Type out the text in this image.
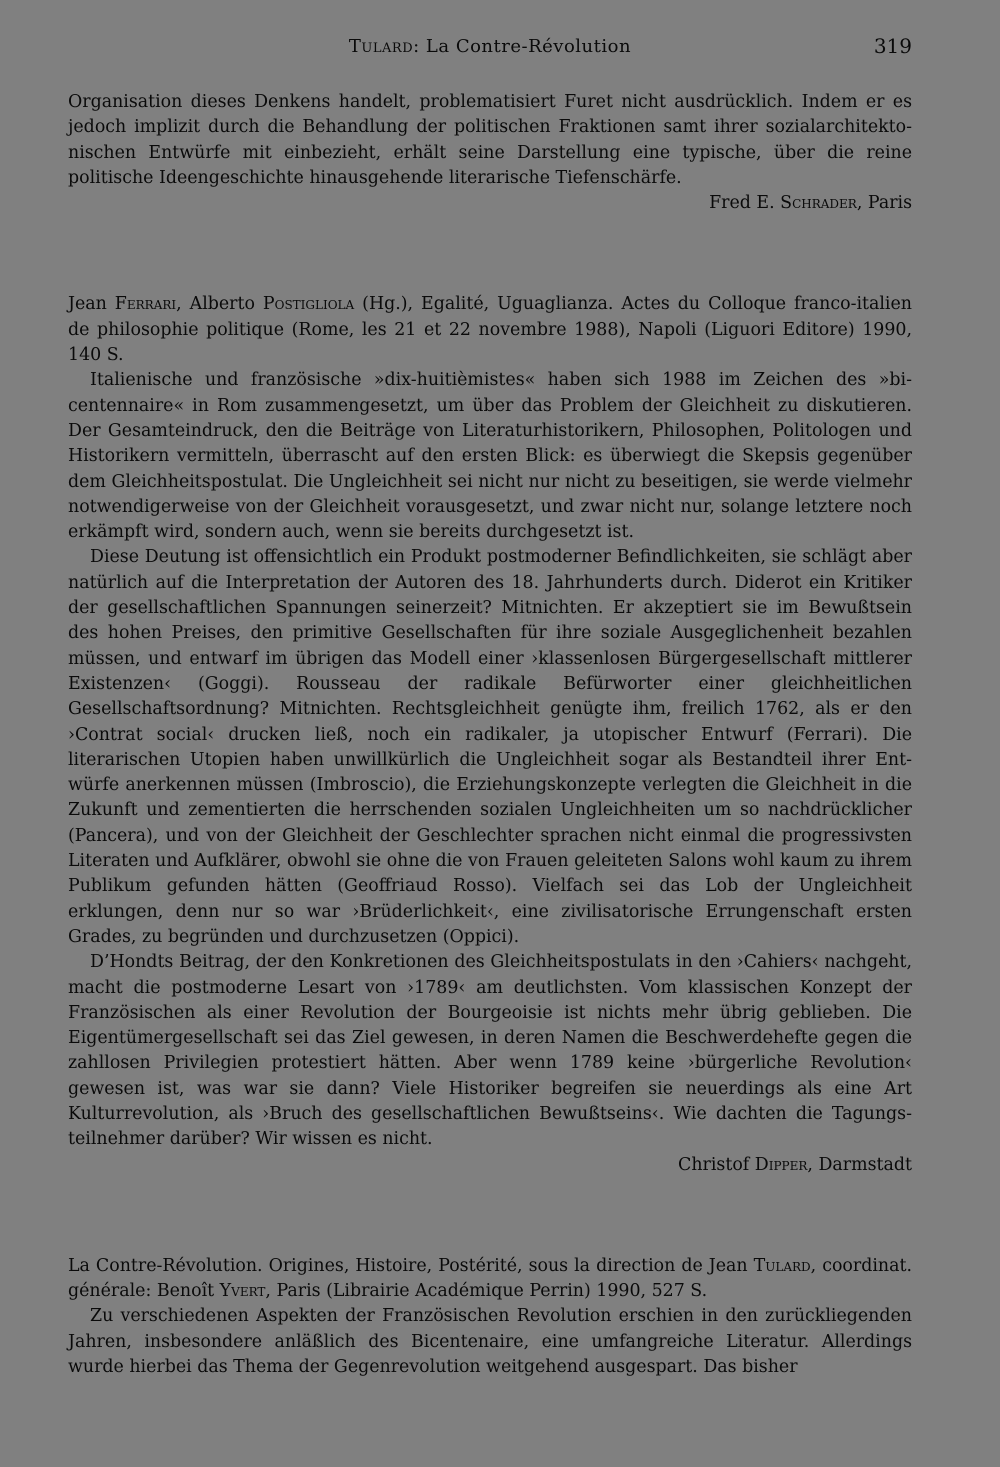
Tulard: La Contre-Révolution	319

Organisation dieses Denkens handelt, problematisiert Furet nicht ausdrücklich. Indem er es jedoch implizit durch die Behandlung der politischen Fraktionen samt ihrer sozialarchitektonischen Entwürfe mit einbezieht, erhält seine Darstellung eine typische, über die reine politische Ideengeschichte hinausgehende literarische Tiefenschärfe.

Fred E. Schrader, Paris

Jean Ferrari, Alberto Postigliola (Hg.), Egalité, Uguaglianza. Actes du Colloque franco-italien de philosophie politique (Rome, les 21 et 22 novembre 1988), Napoli (Liguori Editore) 1990, 140 S.

Italienische und französische »dix-huitièmistes« haben sich 1988 im Zeichen des »bicentennaire« in Rom zusammengesetzt, um über das Problem der Gleichheit zu diskutieren. Der Gesamteindruck, den die Beiträge von Literaturhistorikern, Philosophen, Politologen und Historikern vermitteln, überrascht auf den ersten Blick: es überwiegt die Skepsis gegenüber dem Gleichheitspostulat. Die Ungleichheit sei nicht nur nicht zu beseitigen, sie werde vielmehr notwendigerweise von der Gleichheit vorausgesetzt, und zwar nicht nur, solange letztere noch erkämpft wird, sondern auch, wenn sie bereits durchgesetzt ist.

Diese Deutung ist offensichtlich ein Produkt postmoderner Befindlichkeiten, sie schlägt aber natürlich auf die Interpretation der Autoren des 18. Jahrhunderts durch. Diderot ein Kritiker der gesellschaftlichen Spannungen seinerzeit? Mitnichten. Er akzeptiert sie im Bewußtsein des hohen Preises, den primitive Gesellschaften für ihre soziale Ausgeglichenheit bezahlen müssen, und entwarf im übrigen das Modell einer ›klassenlosen Bürgergesellschaft mittlerer Existenzen‹ (Goggi). Rousseau der radikale Befürworter einer gleichheitlichen Gesellschaftsordnung? Mitnichten. Rechtsgleichheit genügte ihm, freilich 1762, als er den ›Contrat social‹ drucken ließ, noch ein radikaler, ja utopischer Entwurf (Ferrari). Die literarischen Utopien haben unwillkürlich die Ungleichheit sogar als Bestandteil ihrer Entwürfe anerkennen müssen (Imbroscio), die Erziehungskonzepte verlegten die Gleichheit in die Zukunft und zementierten die herrschenden sozialen Ungleichheiten um so nachdrücklicher (Pancera), und von der Gleichheit der Geschlechter sprachen nicht einmal die progressivsten Literaten und Aufklärer, obwohl sie ohne die von Frauen geleiteten Salons wohl kaum zu ihrem Publikum gefunden hätten (Geoffriaud Rosso). Vielfach sei das Lob der Ungleichheit erklungen, denn nur so war ›Brüderlichkeit‹, eine zivilisatorische Errungenschaft ersten Grades, zu begründen und durchzusetzen (Oppici).

D’Hondts Beitrag, der den Konkretionen des Gleichheitspostulats in den ›Cahiers‹ nachgeht, macht die postmoderne Lesart von ›1789‹ am deutlichsten. Vom klassischen Konzept der Französischen als einer Revolution der Bourgeoisie ist nichts mehr übrig geblieben. Die Eigentümergesellschaft sei das Ziel gewesen, in deren Namen die Beschwerdehefte gegen die zahllosen Privilegien protestiert hätten. Aber wenn 1789 keine ›bürgerliche Revolution‹ gewesen ist, was war sie dann? Viele Historiker begreifen sie neuerdings als eine Art Kulturrevolution, als ›Bruch des gesellschaftlichen Bewußtseins‹. Wie dachten die Tagungsteilnehmer darüber? Wir wissen es nicht.

Christof Dipper, Darmstadt

La Contre-Révolution. Origines, Histoire, Postérité, sous la direction de Jean Tulard, coordinat. générale: Benoît Yvert, Paris (Librairie Académique Perrin) 1990, 527 S.

Zu verschiedenen Aspekten der Französischen Revolution erschien in den zurückliegenden Jahren, insbesondere anläßlich des Bicentenaire, eine umfangreiche Literatur. Allerdings wurde hierbei das Thema der Gegenrevolution weitgehend ausgespart. Das bisher
